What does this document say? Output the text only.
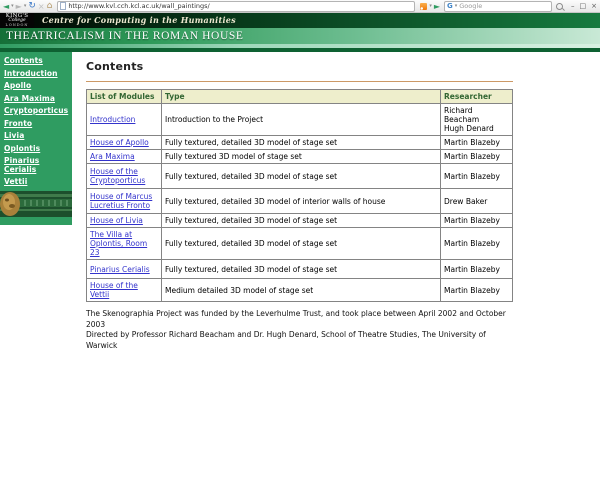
◄ ▾ ► ▾ ↻ × ⌂
http://www.kvl.cch.kcl.ac.uk/wall_paintings/	▾ ► G ▾ Google	– □ ×
KING'S
College
LONDON	Centre for Computing in the Humanities
THEATRICALISM IN THE ROMAN HOUSE
Contents
Introduction
Apollo
Ara Maxima
Cryptoporticus
Fronto
Livia
Oplontis
Pinarius Cerialis
Vettii
Contents
List of Modules	Type	Researcher
Introduction	Introduction to the Project	Richard Beacham
Hugh Denard
House of Apollo	Fully textured, detailed 3D model of stage set	Martin Blazeby
Ara Maxima	Fully textured 3D model of stage set	Martin Blazeby
House of the Cryptoporticus	Fully textured, detailed 3D model of stage set	Martin Blazeby
House of Marcus Lucretius Fronto	Fully textured, detailed 3D model of interior walls of house	Drew Baker
House of Livia	Fully textured, detailed 3D model of stage set	Martin Blazeby
The Villa at Oplontis, Room 23	Fully textured, detailed 3D model of stage set	Martin Blazeby
Pinarius Cerialis	Fully textured, detailed 3D model of stage set	Martin Blazeby
House of the Vettii	Medium detailed 3D model of stage set	Martin Blazeby
The Skenographia Project was funded by the Leverhulme Trust, and took place between April 2002 and October 2003
Directed by Professor Richard Beacham and Dr. Hugh Denard, School of Theatre Studies, The University of Warwick
